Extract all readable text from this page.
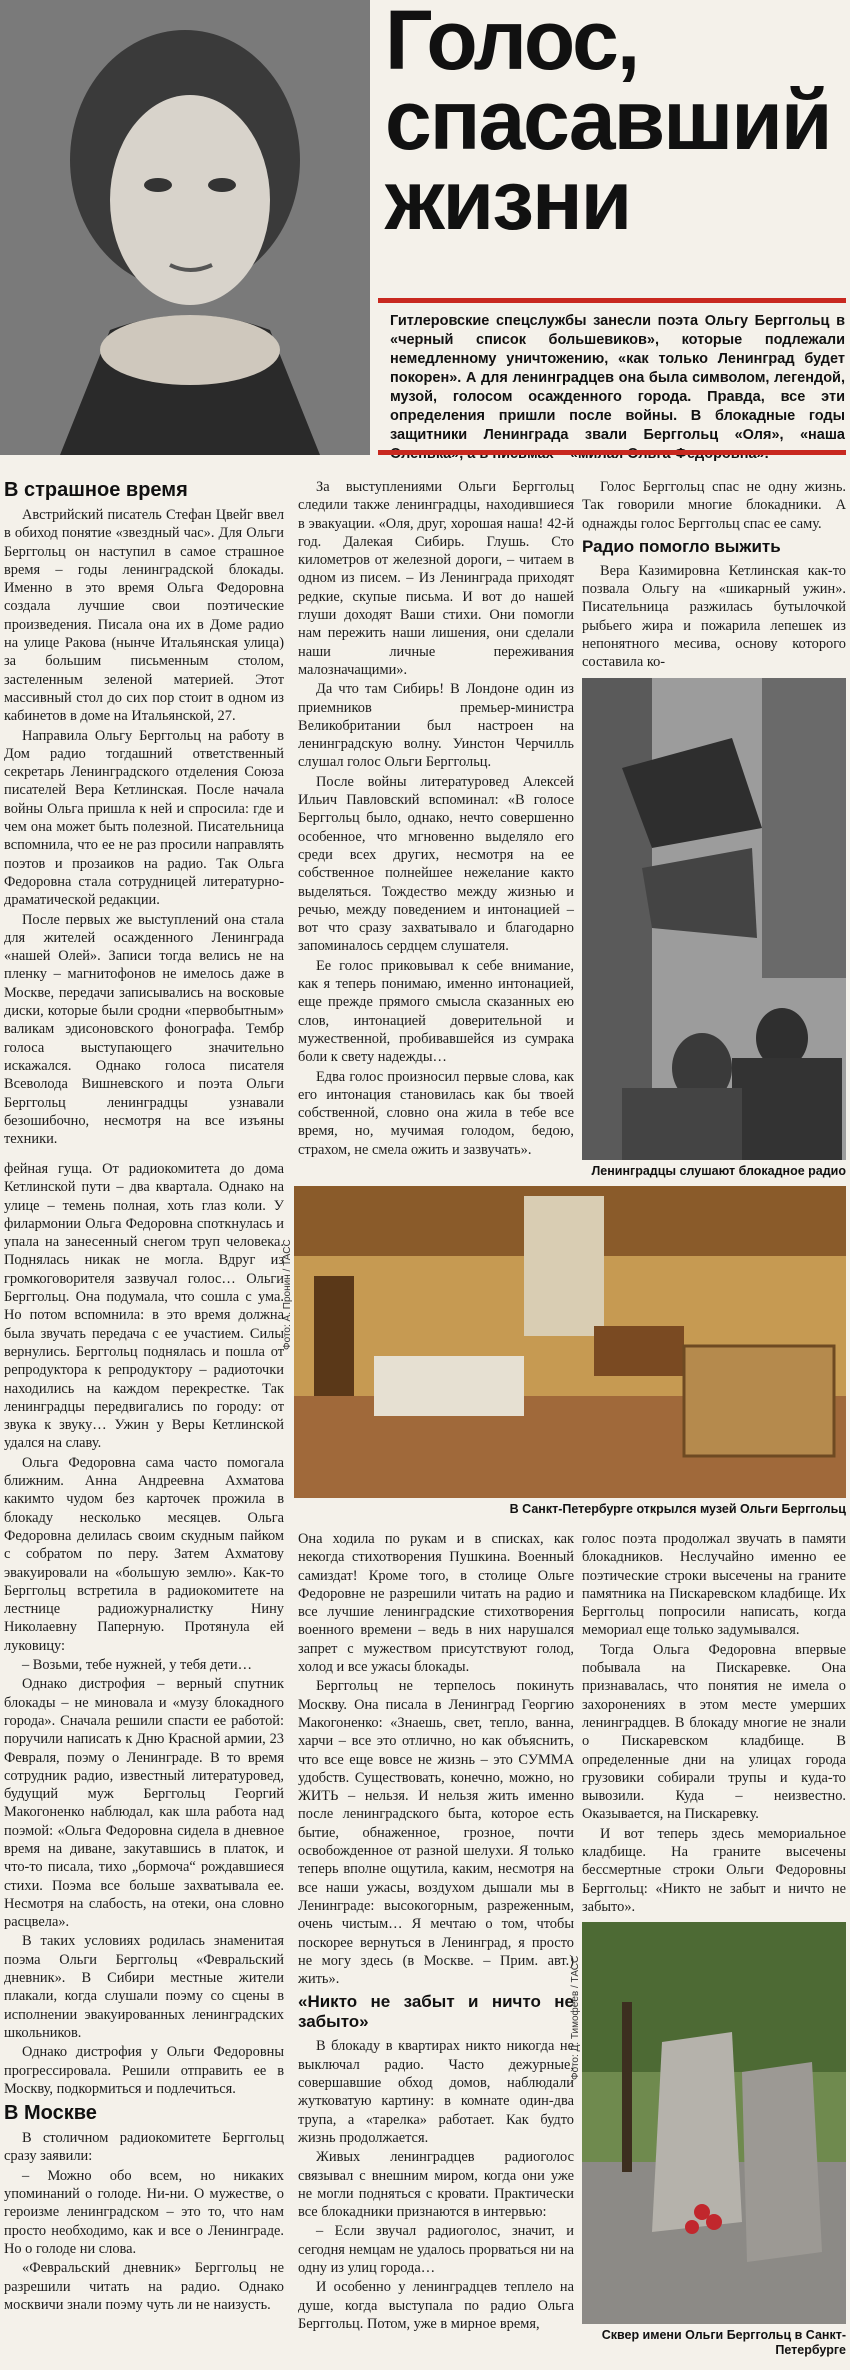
Голос,
спасавший
жизни
Гитлеровские спецслужбы занесли поэта Ольгу Берггольц в «черный список большевиков», которые подлежали немедленному уничтожению, «как только Ленинград будет покорен». А для ленинградцев она была символом, легендой, музой, голосом осажденного города. Правда, все эти определения пришли после войны. В блокадные годы защитники Ленинграда звали Берггольц «Оля», «наша
В страшное время

Австрийский писатель Стефан Цвейг ввел в обиход понятие «звездный час». Для Ольги Берггольц он наступил в самое страшное время – годы ленинградской блокады. Именно в это время Ольга Федоровна создала лучшие свои поэтические произведения. Писала она их в Доме радио на улице Ракова (нынче Итальянская улица) за большим письменным столом, застеленным зеленой материей. Этот массивный стол до сих пор стоит в одном из кабинетов в доме на Итальянской, 27.

Направила Ольгу Берггольц на работу в Дом радио тогдашний ответственный секретарь Ленинградского отделения Союза писателей Вера Кетлинская. После начала войны Ольга пришла к ней и спросила: где и чем она может быть полезной. Писательница вспомнила, что ее не раз просили направлять поэтов и прозаиков на радио. Так Ольга Федоровна стала сотрудницей литературно-драматической редакции.

После первых же выступлений она стала для жителей осажденного Ленинграда «нашей Олей». Записи тогда велись не на пленку – магнитофонов не имелось даже в Москве, передачи записывались на восковые диски, которые были сродни «первобытным» валикам эдисоновского фонографа. Тембр голоса выступающего значительно искажался. Однако голоса писателя Всеволода Вишневского и поэта Ольги Берггольц ленинградцы узнавали безошибочно, несмотря на все изъяны техники.

За выступлениями Ольги Берггольц следили также ленинградцы, находившиеся в эвакуации. «Оля, друг, хорошая наша! 42-й год. Далекая Сибирь. Глушь. Сто километров от железной дороги, – читаем в одном из писем. – Из Ленинграда приходят редкие, скупые письма. И вот до нашей глуши доходят Ваши стихи. Они помогли нам пережить наши лишения, они сделали наши личные переживания малозначащими».

Да что там Сибирь! В Лондоне один из приемников премьер-министра Великобритании был настроен на ленинградскую волну. Уинстон Черчилль слушал голос Ольги Берггольц.

После войны литературовед Алексей Ильич Павловский вспоминал: «В голосе Берггольц было, однако, нечто совершенно особенное, что мгновенно выделяло его среди всех других, несмотря на ее собственное полнейшее нежелание както выделяться. Тождество между жизнью и речью, между поведением и интонацией – вот что сразу захватывало и благодарно запоминалось сердцем слушателя.

Ее голос приковывал к себе внимание, как я теперь понимаю, именно интонацией, еще прежде прямого смысла сказанных ею слов, интонацией доверительной и мужественной, пробивавшейся из сумрака боли к свету надежды…

Едва голос произносил первые слова, как его интонация становилась как бы твоей собственной, словно она жила в тебе все время, но, мучимая голодом, бедою, страхом, не смела ожить и зазвучать».

Голос Берггольц спас не одну жизнь. Так говорили многие блокадники. А однажды голос Берггольц спас ее саму.

Радио помогло выжить

Вера Казимировна Кетлинская как-то позвала Ольгу на «шикарный ужин». Писательница разжилась бутылочкой рыбьего жира и пожарила лепешек из непонятного месива, основу которого составила ко-

Ленинградцы слушают блокадное радио
Фото: А. Пронин / ТАСС
В Санкт-Петербурге открылся музей Ольги Берггольц

фейная гуща. От радиокомитета до дома Кетлинской пути – два квартала. Однако на улице – темень полная, хоть глаз коли. У филармонии Ольга Федоровна споткнулась и упала на занесенный снегом труп человека. Поднялась никак не могла. Вдруг из громкоговорителя зазвучал голос… Ольги Берггольц. Она подумала, что сошла с ума. Но потом вспомнила: в это время должна была звучать передача с ее участием. Силы вернулись. Берггольц поднялась и пошла от репродуктора к репродуктору – радиоточки находились на каждом перекрестке. Так ленинградцы передвигались по городу: от звука к звуку… Ужин у Веры Кетлинской удался на славу.

Ольга Федоровна сама часто помогала ближним. Анна Андреевна Ахматова какимто чудом без карточек прожила в блокаду несколько месяцев. Ольга Федоровна делилась своим скудным пайком с собратом по перу. Затем Ахматову эвакуировали на «большую землю». Как-то Берггольц встретила в радиокомитете на лестнице радиожурналистку Нину Николаевну Паперную. Протянула ей луковицу:

– Возьми, тебе нужней, у тебя дети…

Однако дистрофия – верный спутник блокады – не миновала и «музу блокадного города». Сначала решили спасти ее работой: поручили написать к Дню Красной армии, 23 Февраля, поэму о Ленинграде. В то время сотрудник радио, известный литературовед, будущий муж Берггольц Георгий Макогоненко наблюдал, как шла работа над поэмой: «Ольга Федоровна сидела в дневное время на диване, закутавшись в платок, и что-то писала, тихо „бормоча“ рождавшиеся стихи. Поэма все больше захватывала ее. Несмотря на слабость, на отеки, она словно расцвела».

В таких условиях родилась знаменитая поэма Ольги Берггольц «Февральский дневник». В Сибири местные жители плакали, когда слушали поэму со сцены в исполнении эвакуированных ленинградских школьников.

Однако дистрофия у Ольги Федоровны прогрессировала. Решили отправить ее в Москву, подкормиться и подлечиться.

В Москве

В столичном радиокомитете Берггольц сразу заявили:

– Можно обо всем, но никаких упоминаний о голоде. Ни-ни. О мужестве, о героизме ленинградском – это то, что нам просто необходимо, как и все о Ленинграде. Но о голоде ни слова.

«Февральский дневник» Берггольц не разрешили читать на радио. Однако москвичи знали поэму чуть ли не наизусть.

Она ходила по рукам и в списках, как некогда стихотворения Пушкина. Военный самиздат! Кроме того, в столице Ольге Федоровне не разрешили читать на радио и все лучшие ленинградские стихотворения военного времени – ведь в них нарушался запрет с мужеством присутствуют голод, холод и все ужасы блокады.

Берггольц не терпелось покинуть Москву. Она писала в Ленинград Георгию Макогоненко: «Знаешь, свет, тепло, ванна, харчи – все это отлично, но как объяснить, что все еще вовсе не жизнь – это СУММА удобств. Существовать, конечно, можно, но ЖИТЬ – нельзя. И нельзя жить именно после ленинградского быта, которое есть бытие, обнаженное, грозное, почти освобожденное от разной шелухи. Я только теперь вполне ощутила, каким, несмотря на все наши ужасы, воздухом дышали мы в Ленинграде: высокогорным, разреженным, очень чистым… Я мечтаю о том, чтобы поскорее вернуться в Ленинград, я просто не могу здесь (в Москве. – Прим. авт.) жить».

«Никто не забыт и ничто не забыто»

В блокаду в квартирах никто никогда не выключал радио. Часто дежурные, совершавшие обход домов, наблюдали жутковатую картину: в комнате один-два трупа, а «тарелка» работает. Как будто жизнь продолжается.

Живых ленинградцев радиоголос связывал с внешним миром, когда они уже не могли подняться с кровати. Практически все блокадники признаются в интервью:

– Если звучал радиоголос, значит, и сегодня немцам не удалось прорваться ни на одну из улиц города…

И особенно у ленинградцев теплело на душе, когда выступала по радио Ольга Берггольц. Потом, уже в мирное время,

голос поэта продолжал звучать в памяти блокадников. Неслучайно именно ее поэтические строки высечены на граните памятника на Пискаревском кладбище. Их Берггольц попросили написать, когда мемориал еще только задумывался.

Тогда Ольга Федоровна впервые побывала на Пискаревке. Она признавалась, что понятия не имела о захоронениях в этом месте умерших ленинградцев. В блокаду многие не знали о Пискаревском кладбище. В определенные дни на улицах города грузовики собирали трупы и куда-то вывозили. Куда – неизвестно. Оказывается, на Пискаревку.

И вот теперь здесь мемориальное кладбище. На граните высечены бессмертные строки Ольги Федоровны Берггольц: «Никто не забыт и ничто не забыто».

Фото: Д. Тимофеев / ТАСС
Сквер имени Ольги Берггольц в Санкт-Петербурге
